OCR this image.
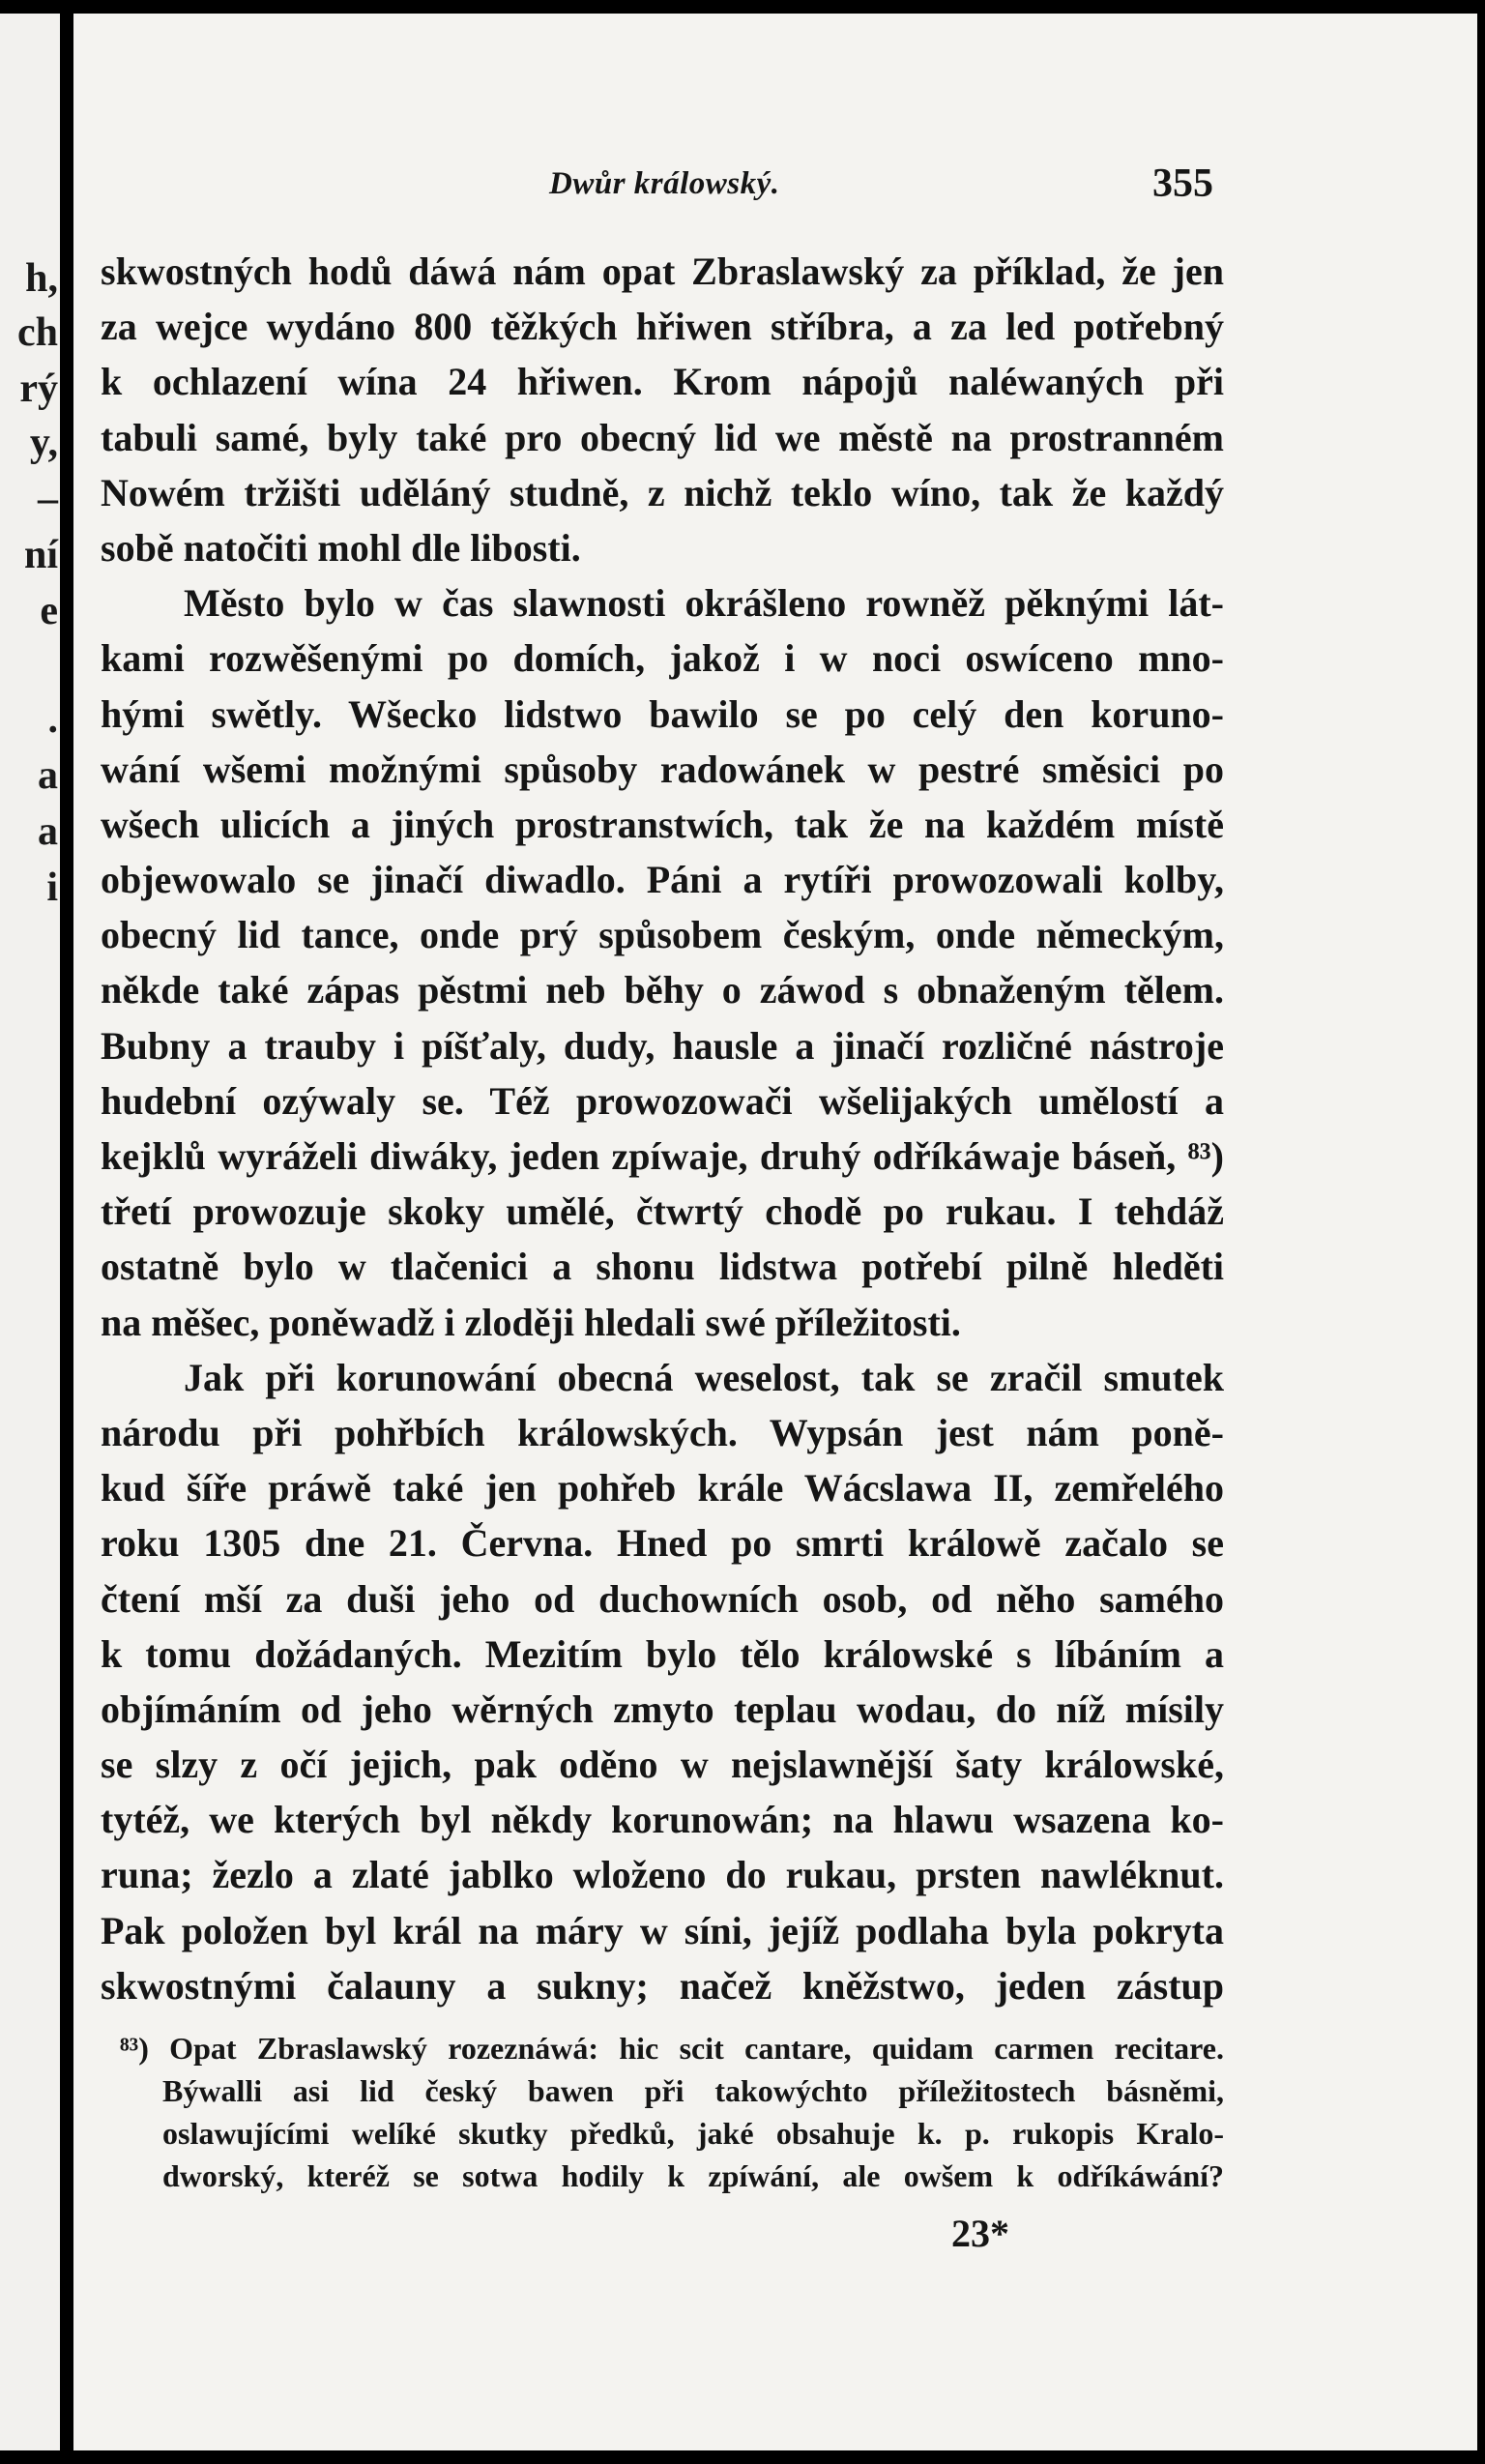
h,
ch
rý
y,
–
ní
e
.
a
a
i
Dwůr králowský.	355
skwostných hodů dáwá nám opat Zbraslawský za příklad, že jen
za wejce wydáno 800 těžkých hřiwen stříbra, a za led potřebný
k ochlazení wína 24 hřiwen. Krom nápojů naléwaných při
tabuli samé, byly také pro obecný lid we městě na prostranném
Nowém tržišti uděláný studně, z nichž teklo wíno, tak že každý
sobě natočiti mohl dle libosti.
Město bylo w čas slawnosti okrášleno rowněž pěknými lát-
kami rozwěšenými po domích, jakož i w noci oswíceno mno-
hými swětly. Wšecko lidstwo bawilo se po celý den koruno-
wání wšemi možnými spůsoby radowánek w pestré směsici po
wšech ulicích a jiných prostranstwích, tak že na každém místě
objewowalo se jinačí diwadlo. Páni a rytíři prowozowali kolby,
obecný lid tance, onde prý spůsobem českým, onde německým,
někde také zápas pěstmi neb běhy o záwod s obnaženým tělem.
Bubny a trauby i píšťaly, dudy, hausle a jinačí rozličné nástroje
hudební ozýwaly se. Též prowozowači wšelijakých umělostí a
kejklů wyráželi diwáky, jeden zpíwaje, druhý odříkáwaje báseň, ⁸³)
třetí prowozuje skoky umělé, čtwrtý chodě po rukau. I tehdáž
ostatně bylo w tlačenici a shonu lidstwa potřebí pilně hleděti
na měšec, poněwadž i zloději hledali swé příležitosti.
Jak při korunowání obecná weselost, tak se zračil smutek
národu při pohřbích králowských. Wypsán jest nám poně-
kud šíře práwě také jen pohřeb krále Wácslawa II, zemřelého
roku 1305 dne 21. Června. Hned po smrti králowě začalo se
čtení mší za duši jeho od duchowních osob, od něho samého
k tomu dožádaných. Mezitím bylo tělo králowské s líbáním a
objímáním od jeho wěrných zmyto teplau wodau, do níž mísily
se slzy z očí jejich, pak oděno w nejslawnější šaty králowské,
tytéž, we kterých byl někdy korunowán; na hlawu wsazena ko-
runa; žezlo a zlaté jablko wloženo do rukau, prsten nawléknut.
Pak položen byl král na máry w síni, jejíž podlaha byla pokryta
skwostnými čalauny a sukny; načež kněžstwo, jeden zástup
⁸³) Opat Zbraslawský rozeznáwá: hic scit cantare, quidam carmen recitare.
Býwalli asi lid český bawen při takowýchto příležitostech básněmi,
oslawujícími welíké skutky předků, jaké obsahuje k. p. rukopis Kralo-
dworský, kteréž se sotwa hodily k zpíwání, ale owšem k odříkáwání?
23*
